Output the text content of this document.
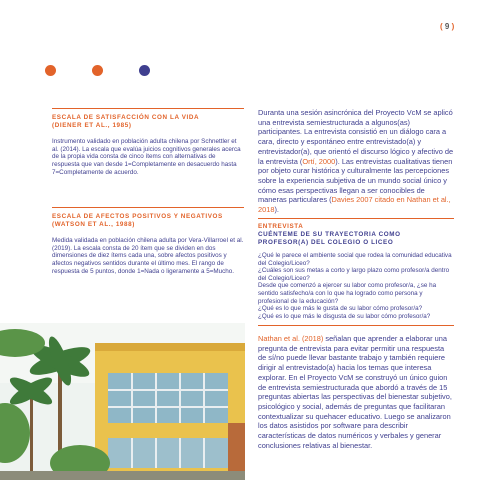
( 9 )
ESCALA DE SATISFACCIÓN CON LA VIDA
(DIENER ET AL., 1985)

Instrumento validado en población adulta chilena por Schnettler et al. (2014). La escala que evalúa juicios cognitivos generales acerca de la propia vida consta de cinco ítems con alternativas de respuesta que van desde 1=Completamente en desacuerdo hasta 7=Completamente de acuerdo.

ESCALA DE AFECTOS POSITIVOS Y NEGATIVOS
(WATSON ET AL., 1988)

Medida validada en población chilena adulta por Vera-Villarroel et al. (2019). La escala consta de 20 ítem que se dividen en dos dimensiones de diez ítems cada una, sobre afectos positivos y afectos negativos sentidos durante el último mes. El rango de respuesta de 5 puntos, donde 1=Nada o ligeramente a 5=Mucho.

Duranta una sesión asincrónica del Proyecto VcM se aplicó una entrevista semiestructurada a algunos(as) participantes. La entrevista consistió en un diálogo cara a cara, directo y espontáneo entre entrevistado(a) y entrevistador(a), que orientó el discurso lógico y afectivo de la entrevista (Ortí, 2000). Las entrevistas cualitativas tienen por objeto curar histórica y culturalmente las percepciones sobre la experiencia subjetiva de un mundo social único y cómo esas perspectivas llegan a ser conocibles de maneras particulares (Davies 2007 citado en Nathan et al., 2018).

ENTREVISTA
CUÉNTEME DE SU TRAYECTORIA COMO
PROFESOR(A) DEL COLEGIO O LICEO
¿Qué le parece el ambiente social que rodea la comunidad educativa del Colegio/Liceo?
¿Cuáles son sus metas a corto y largo plazo como profesor/a dentro del Colegio/Liceo?
Desde que comenzó a ejercer su labor como profesor/a, ¿se ha sentido satisfecho/a con lo que ha logrado como persona y profesional de la educación?
¿Qué es lo que más le gusta de su labor cómo profesor/a?
¿Qué es lo que más le disgusta de su labor cómo profesor/a?

Nathan et al. (2018) señalan que aprender a elaborar una pregunta de entrevista para evitar permitir una respuesta de sí/no puede llevar bastante trabajo y también requiere dirigir al entrevistado(a) hacia los temas que interesa explorar. En el Proyecto VcM se construyó un único guion de entrevista semiestructurada que abordó a través de 15 preguntas abiertas las perspectivas del bienestar subjetivo, psicológico y social, además de preguntas que facilitaran contextualizar su quehacer educativo. Luego se analizaron los datos asistidos por software para describir características de datos numéricos y verbales y generar conclusiones relativas al bienestar.
